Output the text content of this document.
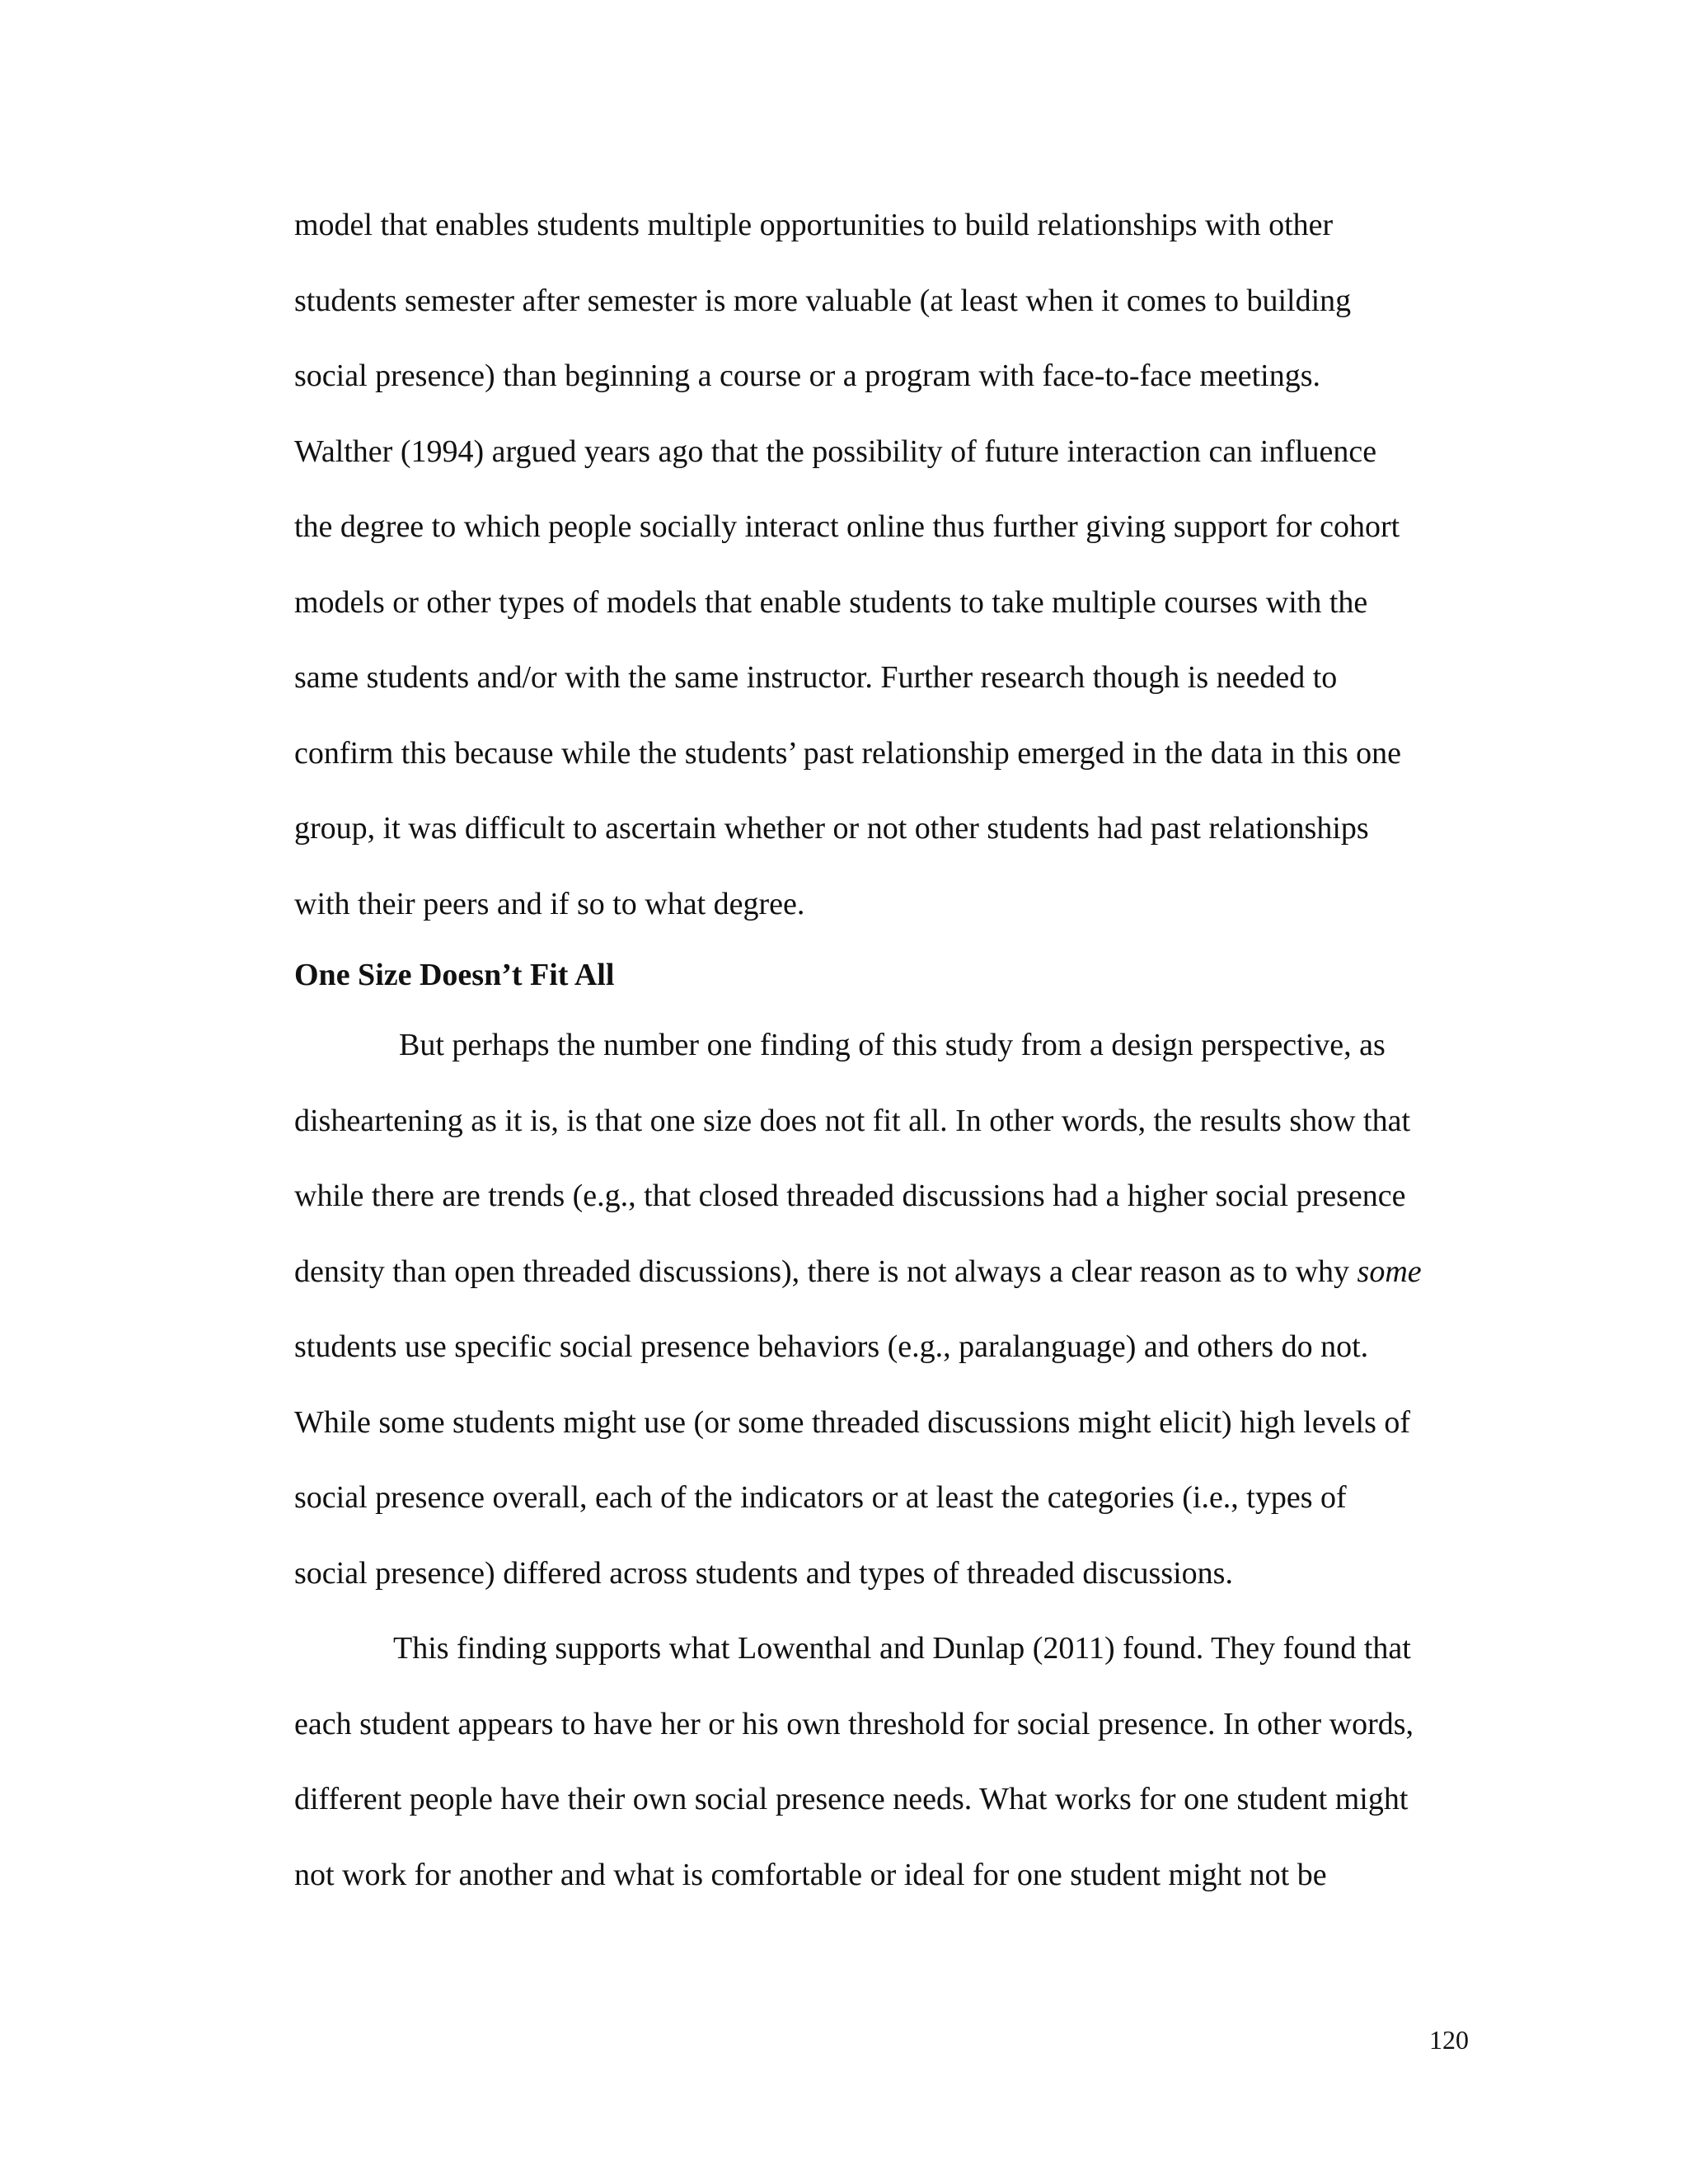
model that enables students multiple opportunities to build relationships with other
students semester after semester is more valuable (at least when it comes to building
social presence) than beginning a course or a program with face-to-face meetings.
Walther (1994) argued years ago that the possibility of future interaction can influence
the degree to which people socially interact online thus further giving support for cohort
models or other types of models that enable students to take multiple courses with the
same students and/or with the same instructor. Further research though is needed to
confirm this because while the students’ past relationship emerged in the data in this one
group, it was difficult to ascertain whether or not other students had past relationships
with their peers and if so to what degree.
One Size Doesn’t Fit All
But perhaps the number one finding of this study from a design perspective, as
disheartening as it is, is that one size does not fit all. In other words, the results show that
while there are trends (e.g., that closed threaded discussions had a higher social presence
density than open threaded discussions), there is not always a clear reason as to why some
students use specific social presence behaviors (e.g., paralanguage) and others do not.
While some students might use (or some threaded discussions might elicit) high levels of
social presence overall, each of the indicators or at least the categories (i.e., types of
social presence) differed across students and types of threaded discussions.
This finding supports what Lowenthal and Dunlap (2011) found. They found that
each student appears to have her or his own threshold for social presence. In other words,
different people have their own social presence needs. What works for one student might
not work for another and what is comfortable or ideal for one student might not be
120
